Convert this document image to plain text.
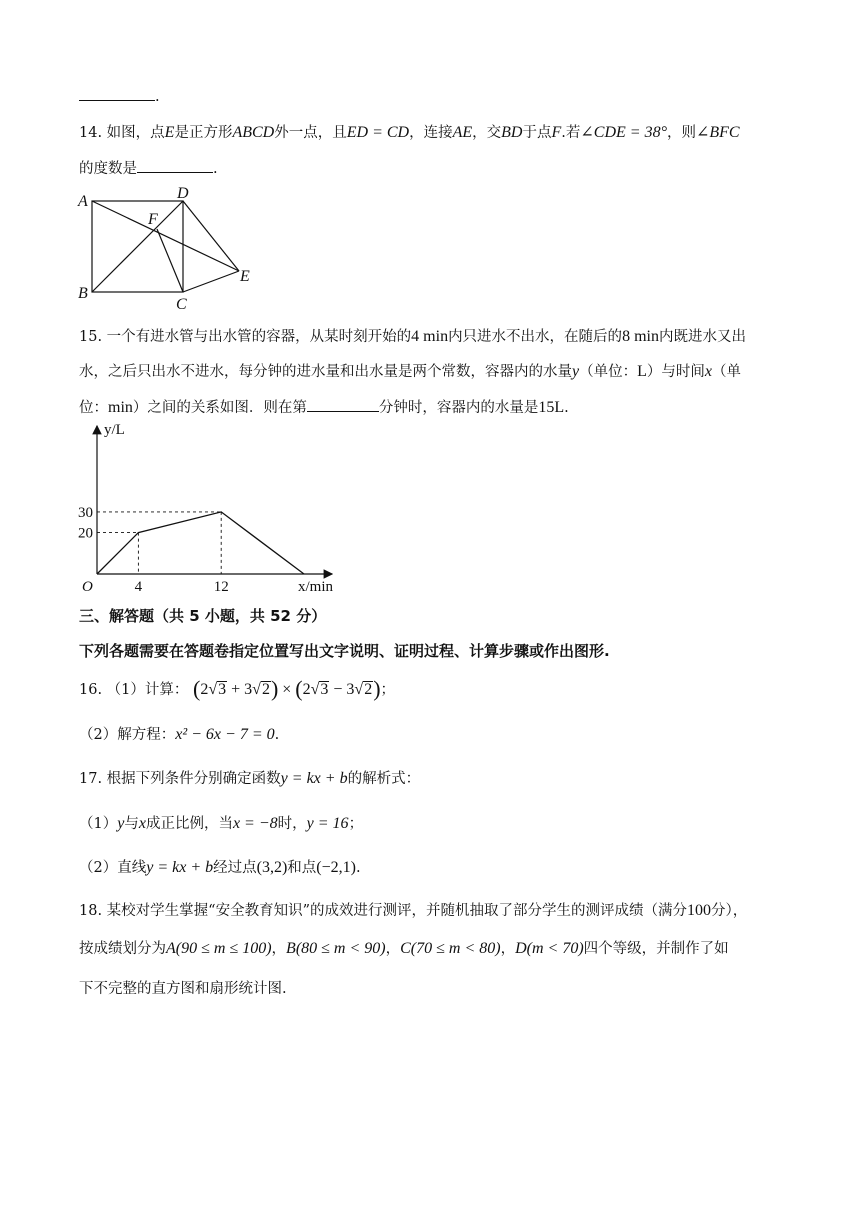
.
14. 如图，点E是正方形ABCD外一点，且ED = CD，连接AE，交BD于点F.若∠CDE = 38°，则∠BFC
的度数是	.
A
B
C
D
E
F
15. 一个有进水管与出水管的容器，从某时刻开始的4 min内只进水不出水，在随后的8 min内既进水又出
水，之后只出水不进水，每分钟的进水量和出水量是两个常数，容器内的水量y（单位：L）与时间x（单
位：min）之间的关系如图．则在第	分钟时，容器内的水量是15L.
y/L
x/min
O	4	12
20
30
三、解答题（共 5 小题，共 52 分）
下列各题需要在答题卷指定位置写出文字说明、证明过程、计算步骤或作出图形.
16. （1）计算： (2√3 + 3√2) × (2√3 − 3√2)；
（2）解方程：x² − 6x − 7 = 0.
17. 根据下列条件分别确定函数y = kx + b的解析式：
（1）y与x成正比例，当x = −8时，y = 16；
（2）直线y = kx + b经过点(3,2)和点(−2,1).
18. 某校对学生掌握“安全教育知识”的成效进行测评，并随机抽取了部分学生的测评成绩（满分100分），
按成绩划分为A(90 ≤ m ≤ 100)，B(80 ≤ m < 90)，C(70 ≤ m < 80)，D(m < 70)四个等级，并制作了如
下不完整的直方图和扇形统计图.
